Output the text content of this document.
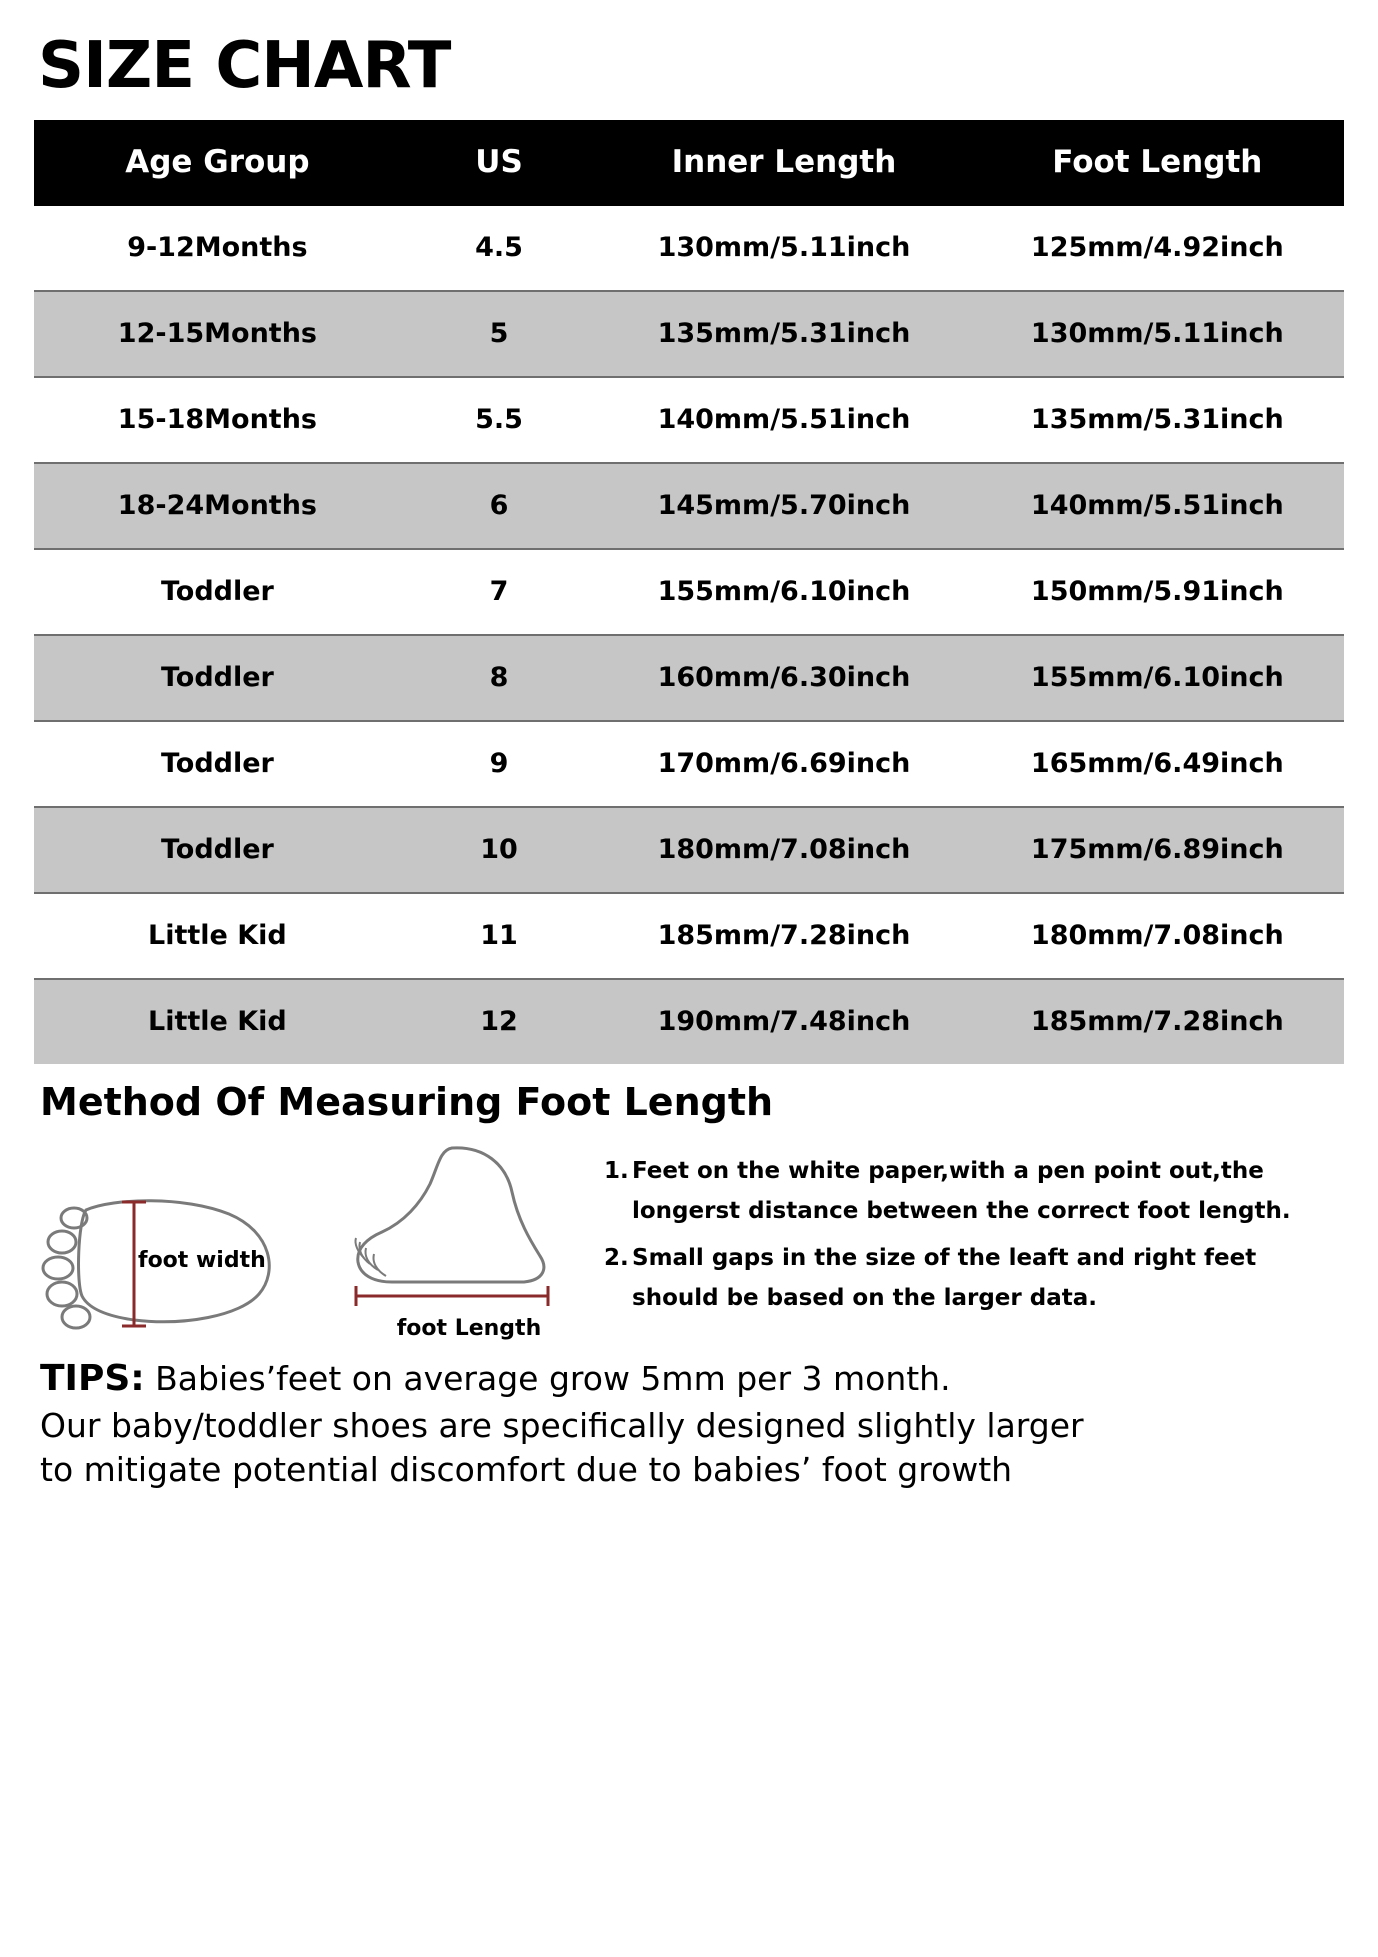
SIZE CHART
Age Group	US	Inner Length	Foot Length
9-12Months	4.5	130mm/5.11inch	125mm/4.92inch
12-15Months	5	135mm/5.31inch	130mm/5.11inch
15-18Months	5.5	140mm/5.51inch	135mm/5.31inch
18-24Months	6	145mm/5.70inch	140mm/5.51inch
Toddler	7	155mm/6.10inch	150mm/5.91inch
Toddler	8	160mm/6.30inch	155mm/6.10inch
Toddler	9	170mm/6.69inch	165mm/6.49inch
Toddler	10	180mm/7.08inch	175mm/6.89inch
Little Kid	11	185mm/7.28inch	180mm/7.08inch
Little Kid	12	190mm/7.48inch	185mm/7.28inch
Method Of Measuring Foot Length
foot width
foot Length
1. Feet on the white paper,with a pen point out,the
longerst distance between the correct foot length.
2. Small gaps in the size of the leaft and right feet
should be based on the larger data.
TIPS: Babies’feet on average grow 5mm per 3 month.
Our baby/toddler shoes are specifically designed slightly larger
to mitigate potential discomfort due to babies’ foot growth
